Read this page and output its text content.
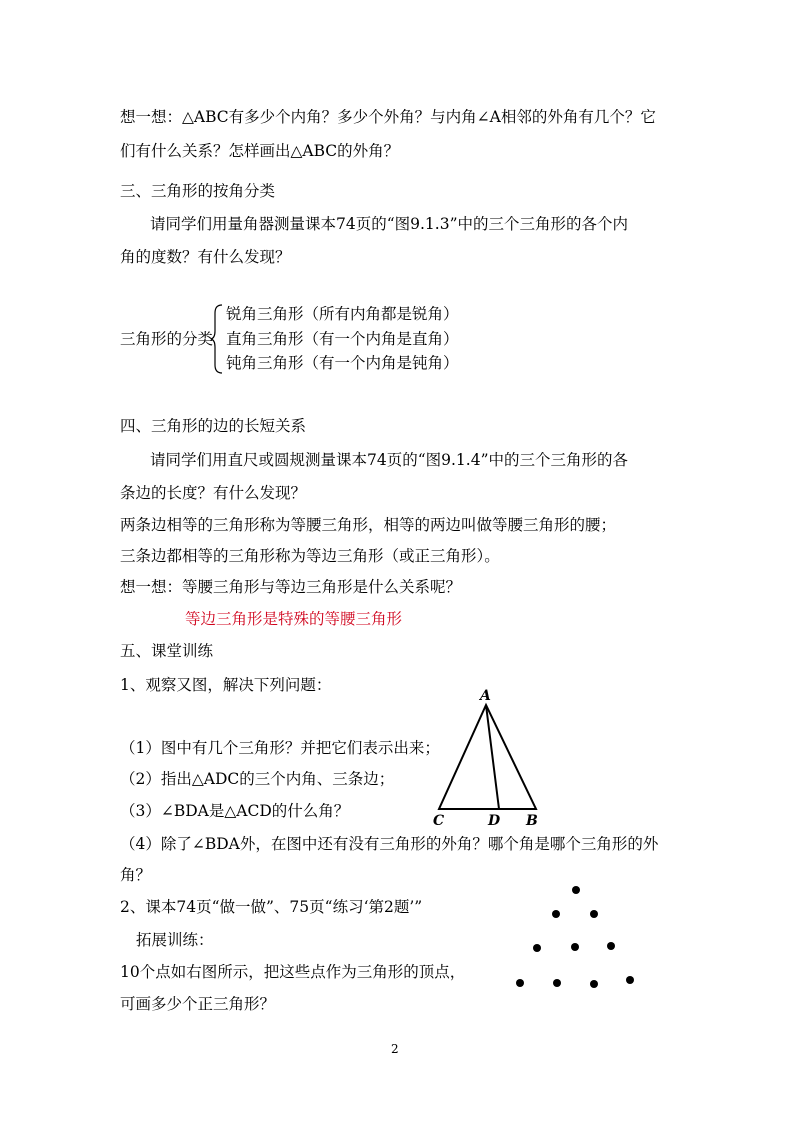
想一想：△ABC有多少个内角？多少个外角？与内角∠A相邻的外角有几个？它
们有什么关系？怎样画出△ABC的外角？
三、三角形的按角分类
请同学们用量角器测量课本74页的“图9.1.3”中的三个三角形的各个内
角的度数？有什么发现？
三角形的分类
锐角三角形（所有内角都是锐角）
直角三角形（有一个内角是直角）
钝角三角形（有一个内角是钝角）
四、三角形的边的长短关系
请同学们用直尺或圆规测量课本74页的“图9.1.4”中的三个三角形的各
条边的长度？有什么发现？
两条边相等的三角形称为等腰三角形，相等的两边叫做等腰三角形的腰；
三条边都相等的三角形称为等边三角形（或正三角形）。
想一想：等腰三角形与等边三角形是什么关系呢？
等边三角形是特殊的等腰三角形
五、课堂训练
1、观察又图，解决下列问题：
（1）图中有几个三角形？并把它们表示出来；
（2）指出△ADC的三个内角、三条边；
（3）∠BDA是△ACD的什么角？
（4）除了∠BDA外，在图中还有没有三角形的外角？哪个角是哪个三角形的外
角？
2、课本74页“做一做”、75页“练习‘第2题’”
拓展训练：
10个点如右图所示，把这些点作为三角形的顶点，
可画多少个正三角形？
A
C	D B
2
